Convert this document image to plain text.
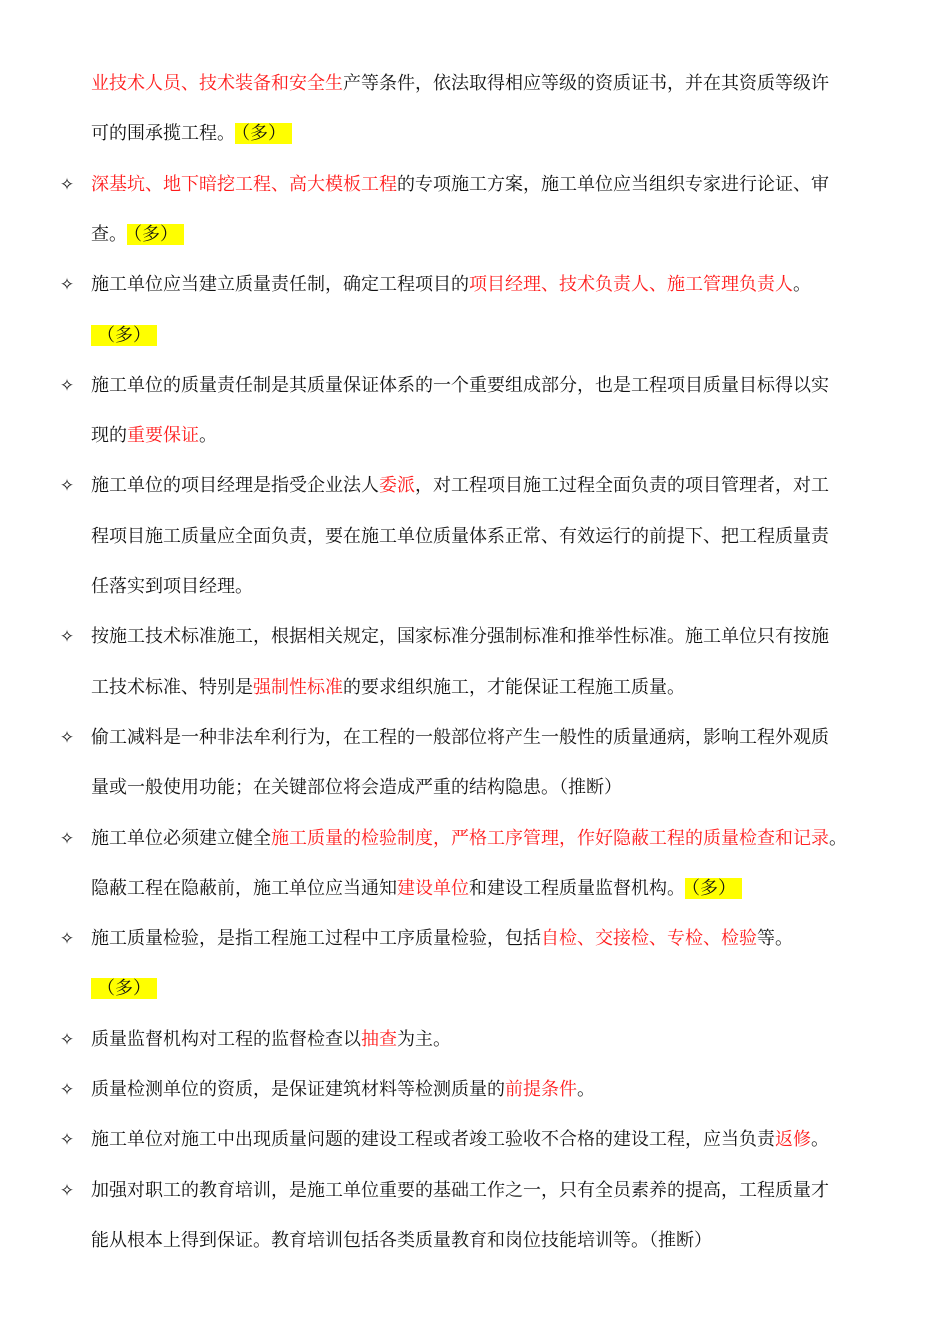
业技术人员、技术装备和安全生产等条件，依法取得相应等级的资质证书，并在其资质等级许
可的围承揽工程。 （多）
✧ 深基坑、地下暗挖工程、高大模板工程的专项施工方案，施工单位应当组织专家进行论证、审
查。 （多）
✧ 施工单位应当建立质量责任制，确定工程项目的项目经理、技术负责人、施工管理负责人。
（多）
✧ 施工单位的质量责任制是其质量保证体系的一个重要组成部分，也是工程项目质量目标得以实
现的重要保证。
✧ 施工单位的项目经理是指受企业法人委派，对工程项目施工过程全面负责的项目管理者，对工
程项目施工质量应全面负责，要在施工单位质量体系正常、有效运行的前提下、把工程质量责
任落实到项目经理。
✧ 按施工技术标准施工，根据相关规定，国家标准分强制标准和推举性标准。施工单位只有按施
工技术标准、特别是强制性标准的要求组织施工，才能保证工程施工质量。
✧ 偷工减料是一种非法牟利行为，在工程的一般部位将产生一般性的质量通病，影响工程外观质
量或一般使用功能；在关键部位将会造成严重的结构隐患。（推断）
✧ 施工单位必须建立健全施工质量的检验制度，严格工序管理，作好隐蔽工程的质量检查和记录。
隐蔽工程在隐蔽前，施工单位应当通知建设单位和建设工程质量监督机构。 （多）
✧ 施工质量检验，是指工程施工过程中工序质量检验，包括自检、交接检、专检、检验等。
（多）
✧ 质量监督机构对工程的监督检查以抽查为主。
✧ 质量检测单位的资质，是保证建筑材料等检测质量的前提条件。
✧ 施工单位对施工中出现质量问题的建设工程或者竣工验收不合格的建设工程，应当负责返修。
✧ 加强对职工的教育培训，是施工单位重要的基础工作之一，只有全员素养的提高，工程质量才
能从根本上得到保证。教育培训包括各类质量教育和岗位技能培训等。（推断）
